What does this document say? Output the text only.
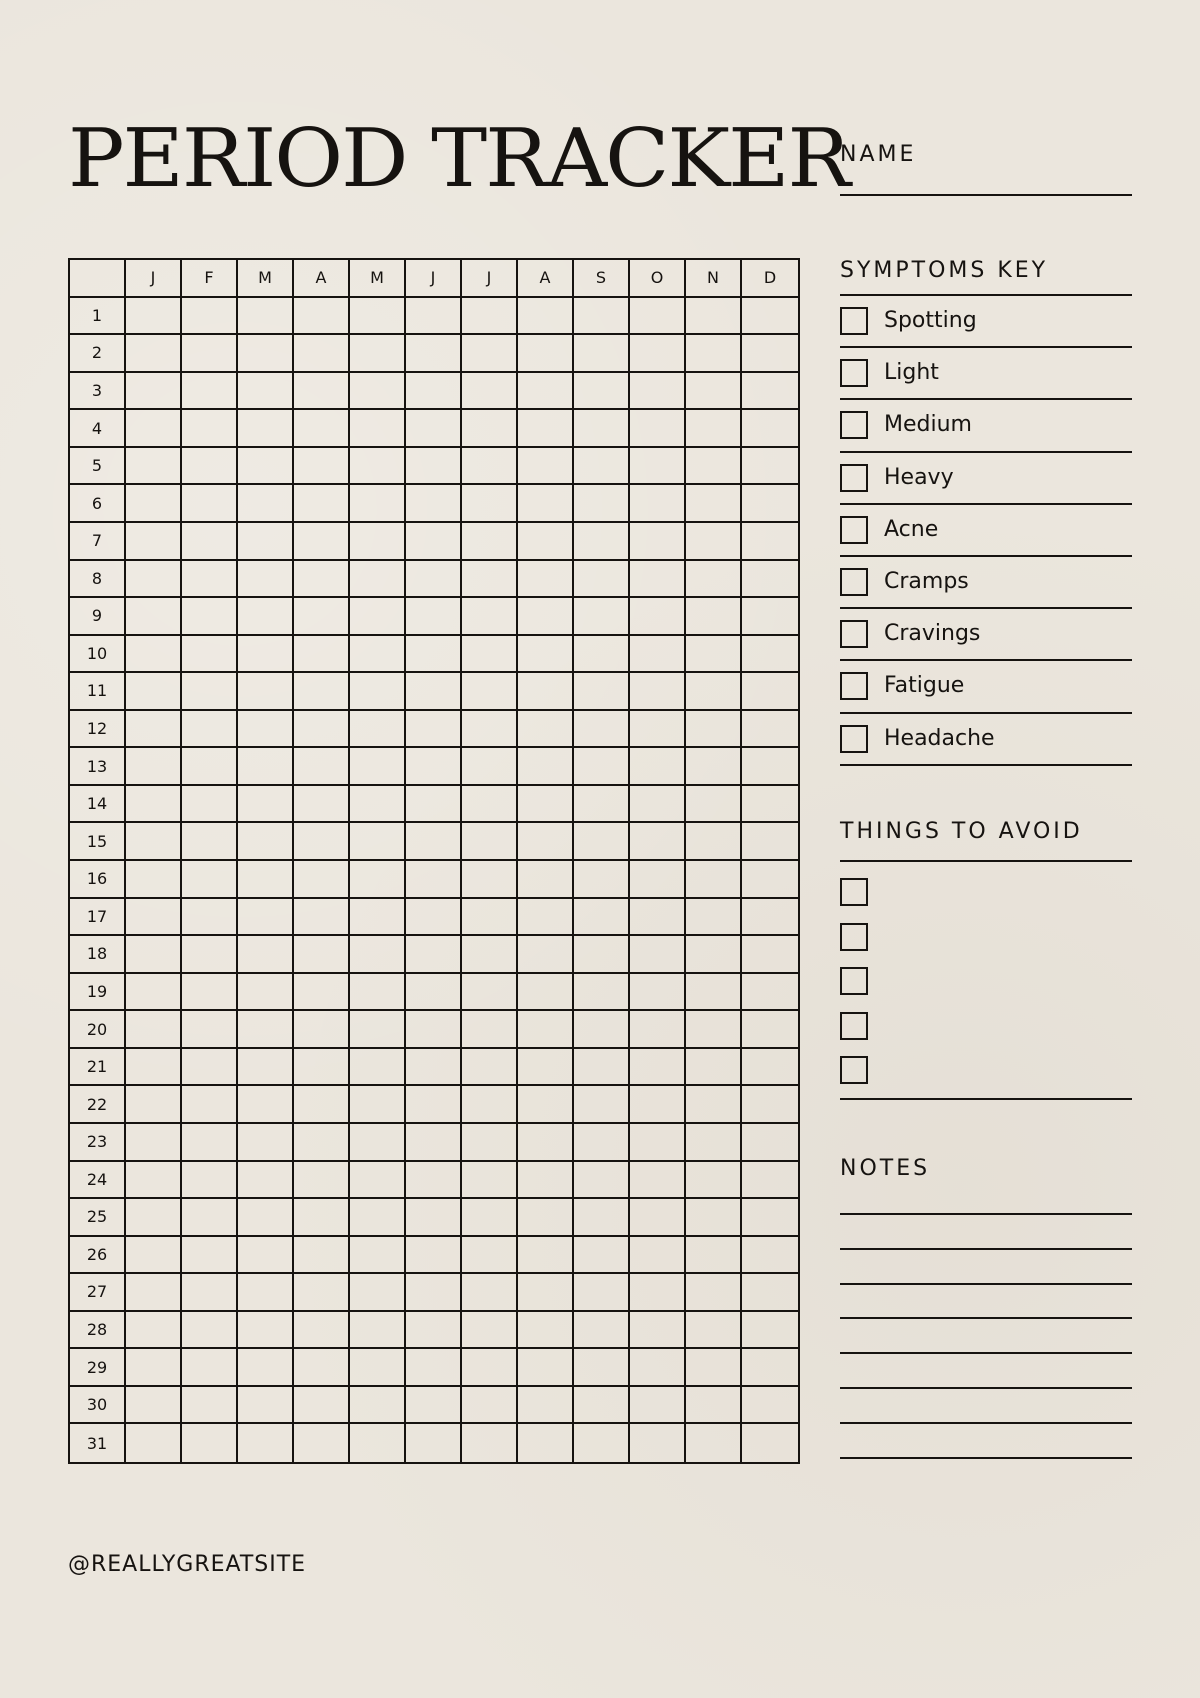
PERIOD TRACKER
J	F	M	A	M	J	J	A	S	O	N	D
1
2
3
4
5
6
7
8
9
10
11
12
13
14
15
16
17
18
19
20
21
22
23
24
25
26
27
28
29
30
31
NAME
SYMPTOMS KEY
Spotting
Light
Medium
Heavy
Acne
Cramps
Cravings
Fatigue
Headache
THINGS TO AVOID
NOTES
@REALLYGREATSITE
